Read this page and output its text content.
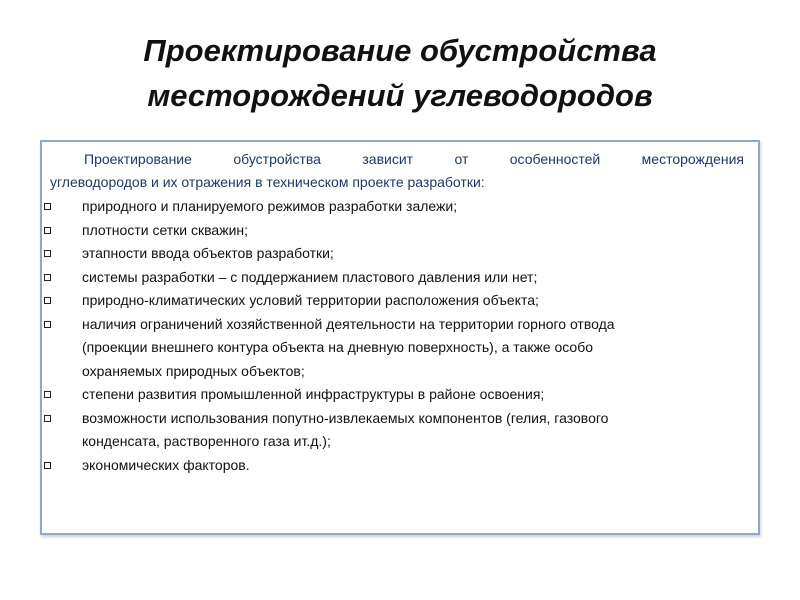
Проектирование обустройства
месторождений углеводородов
Проектирование обустройства зависит от особенностей месторождения
углеводородов и их отражения в техническом проекте разработки:
природного и планируемого режимов разработки залежи;
плотности сетки скважин;
этапности ввода объектов разработки;
системы разработки – с поддержанием пластового давления или нет;
природно-климатических условий территории расположения объекта;
наличия ограничений хозяйственной деятельности на территории горного отвода
(проекции внешнего контура объекта на дневную поверхность), а также особо
охраняемых природных объектов;
степени развития промышленной инфраструктуры в районе освоения;
возможности использования попутно-извлекаемых компонентов (гелия, газового
конденсата, растворенного газа ит.д.);
экономических факторов.
